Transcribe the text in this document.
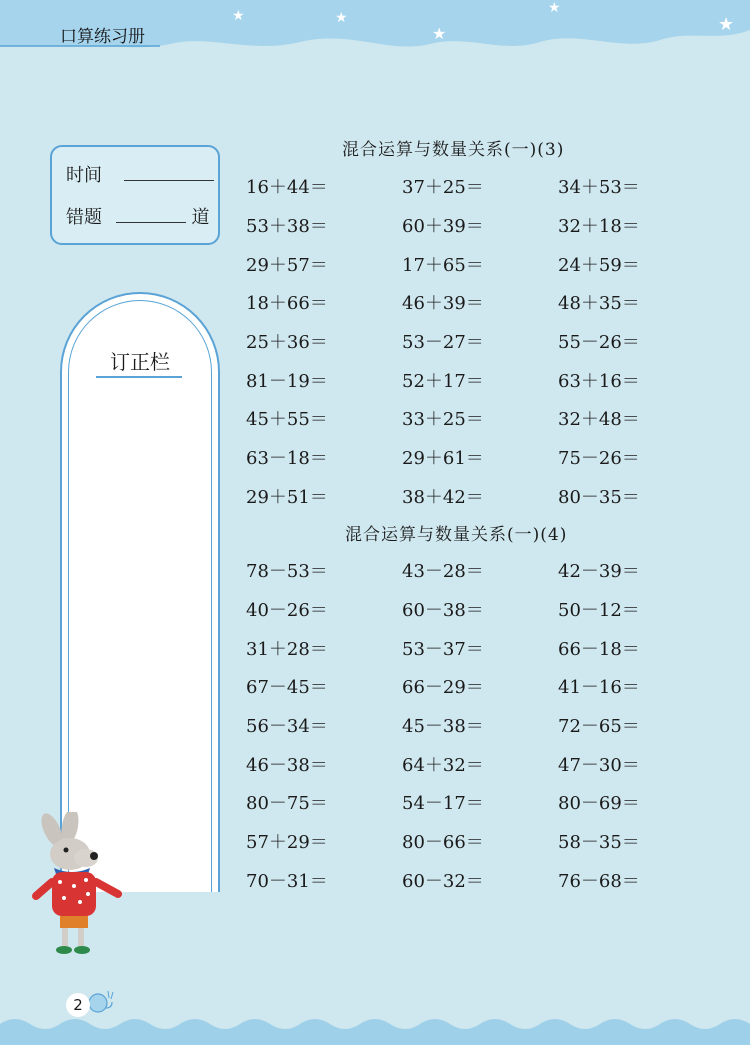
★	★
★
★
★
口算练习册
时间
错题	道
订正栏
混合运算与数量关系(一)(3)
16＋44＝	37＋25＝	34＋53＝
53＋38＝	60＋39＝	32＋18＝
29＋57＝	17＋65＝	24＋59＝
18＋66＝	46＋39＝	48＋35＝
25＋36＝	53－27＝	55－26＝
81－19＝	52＋17＝	63＋16＝
45＋55＝	33＋25＝	32＋48＝
63－18＝	29＋61＝	75－26＝
29＋51＝	38＋42＝	80－35＝
混合运算与数量关系(一)(4)
78－53＝	43－28＝	42－39＝
40－26＝	60－38＝	50－12＝
31＋28＝	53－37＝	66－18＝
67－45＝	66－29＝	41－16＝
56－34＝	45－38＝	72－65＝
46－38＝	64＋32＝	47－30＝
80－75＝	54－17＝	80－69＝
57＋29＝	80－66＝	58－35＝
70－31＝	60－32＝	76－68＝
2
